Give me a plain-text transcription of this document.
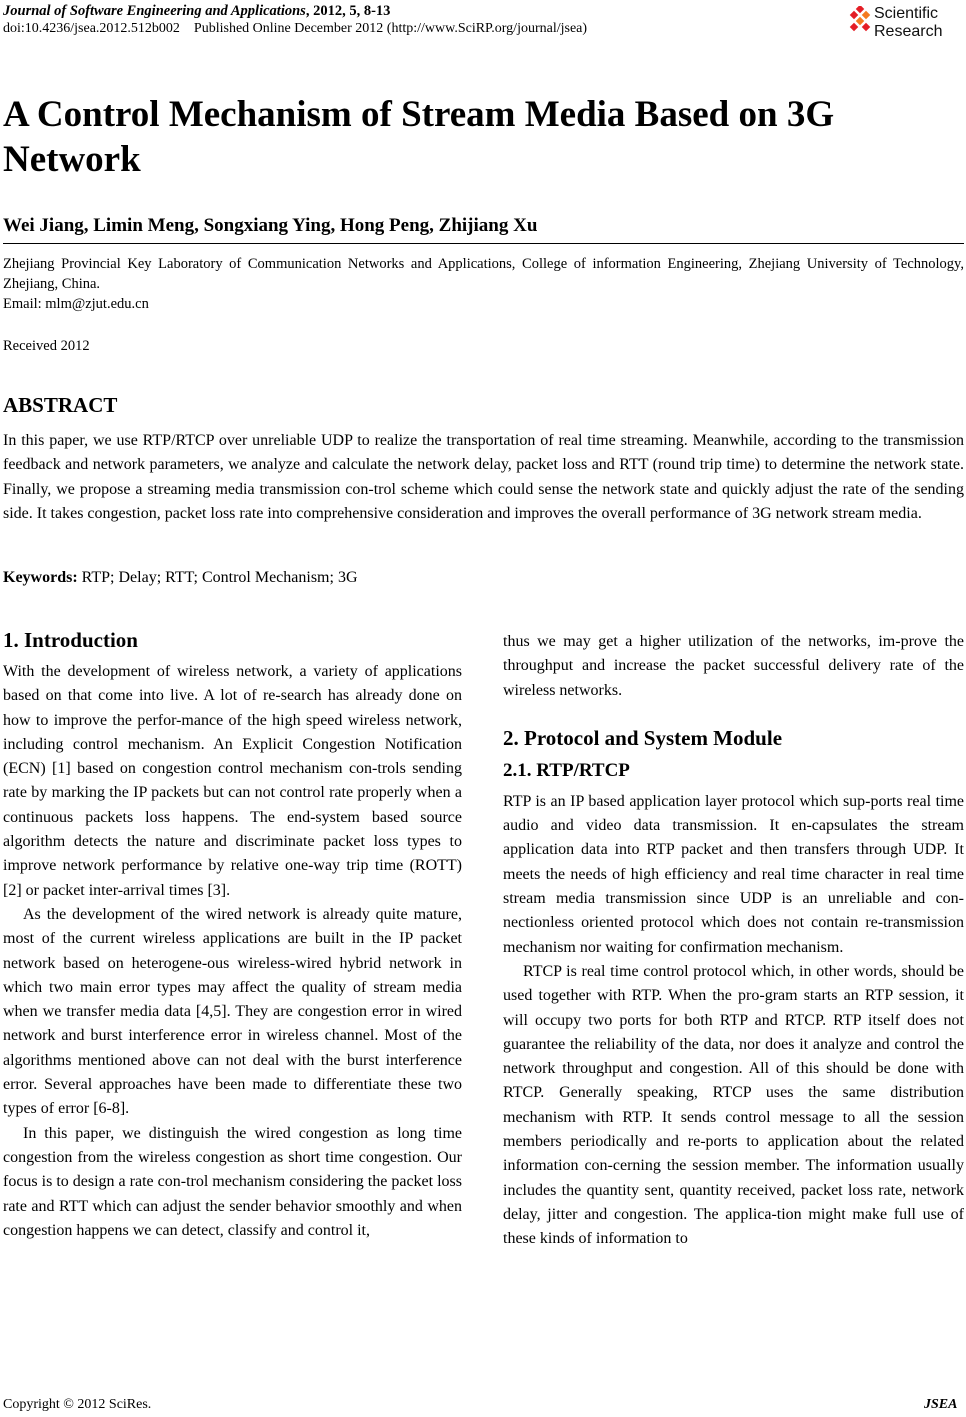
Journal of Software Engineering and Applications, 2012, 5, 8-13
doi:10.4236/jsea.2012.512b002    Published Online December 2012 (http://www.SciRP.org/journal/jsea)
Scientific
Research
A Control Mechanism of Stream Media Based on 3G Network
Wei Jiang, Limin Meng, Songxiang Ying, Hong Peng, Zhijiang Xu
Zhejiang Provincial Key Laboratory of Communication Networks and Applications, College of information Engineering, Zhejiang University of Technology, Zhejiang, China.
Email: mlm@zjut.edu.cn
Received 2012
ABSTRACT

In this paper, we use RTP/RTCP over unreliable UDP to realize the transportation of real time streaming. Meanwhile, according to the transmission feedback and network parameters, we analyze and calculate the network delay, packet loss and RTT (round trip time) to determine the network state. Finally, we propose a streaming media transmission con-trol scheme which could sense the network state and quickly adjust the rate of the sending side. It takes congestion, packet loss rate into comprehensive consideration and improves the overall performance of 3G network stream media.

Keywords: RTP; Delay; RTT; Control Mechanism; 3G
1. Introduction

With the development of wireless network, a variety of applications based on that come into live. A lot of re-search has already done on how to improve the perfor-mance of the high speed wireless network, including control mechanism. An Explicit Congestion Notification (ECN) [1] based on congestion control mechanism con-trols sending rate by marking the IP packets but can not control rate properly when a continuous packets loss happens. The end-system based source algorithm detects the nature and discriminate packet loss types to improve network performance by relative one-way trip time (ROTT) [2] or packet inter-arrival times [3].

As the development of the wired network is already quite mature, most of the current wireless applications are built in the IP packet network based on heterogene-ous wireless-wired hybrid network in which two main error types may affect the quality of stream media when we transfer media data [4,5]. They are congestion error in wired network and burst interference error in wireless channel. Most of the algorithms mentioned above can not deal with the burst interference error. Several approaches have been made to differentiate these two types of error [6-8].

In this paper, we distinguish the wired congestion as long time congestion from the wireless congestion as short time congestion. Our focus is to design a rate con-trol mechanism considering the packet loss rate and RTT which can adjust the sender behavior smoothly and when congestion happens we can detect, classify and control it,

thus we may get a higher utilization of the networks, im-prove the throughput and increase the packet successful delivery rate of the wireless networks.

2. Protocol and System Module
2.1. RTP/RTCP

RTP is an IP based application layer protocol which sup-ports real time audio and video data transmission. It en-capsulates the stream application data into RTP packet and then transfers through UDP. It meets the needs of high efficiency and real time character in real time stream media transmission since UDP is an unreliable and con-nectionless oriented protocol which does not contain re-transmission mechanism nor waiting for confirmation mechanism.

RTCP is real time control protocol which, in other words, should be used together with RTP. When the pro-gram starts an RTP session, it will occupy two ports for both RTP and RTCP. RTP itself does not guarantee the reliability of the data, nor does it analyze and control the network throughput and congestion. All of this should be done with RTCP. Generally speaking, RTCP uses the same distribution mechanism with RTP. It sends control message to all the session members periodically and re-ports to application about the related information con-cerning the session member. The information usually includes the quantity sent, quantity received, packet loss rate, network delay, jitter and congestion. The applica-tion might make full use of these kinds of information to

Copyright © 2012 SciRes.	JSEA
